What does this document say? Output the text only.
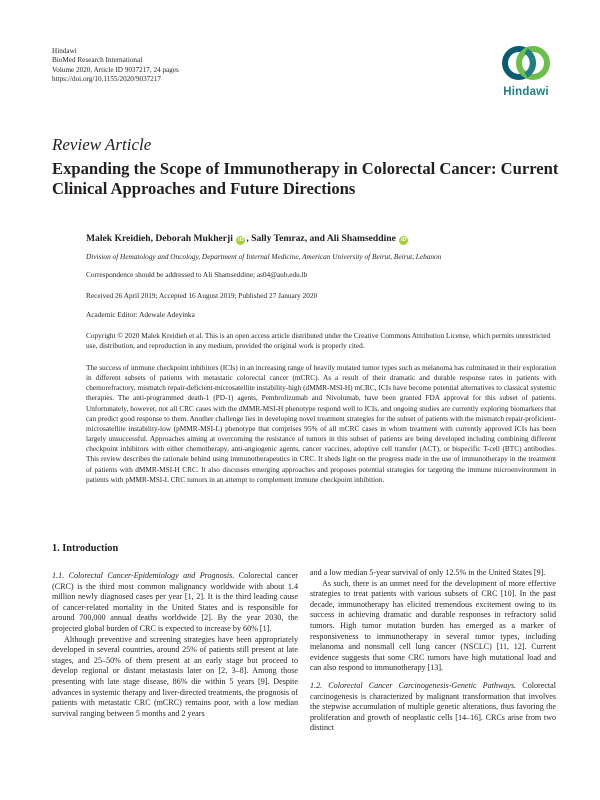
Hindawi
BioMed Research International
Volume 2020, Article ID 9037217, 24 pages
https://doi.org/10.1155/2020/9037217
Hindawi
Review Article
Expanding the Scope of Immunotherapy in Colorectal Cancer: Current Clinical Approaches and Future Directions
Malek Kreidieh, Deborah Mukherji iD , Sally Temraz, and Ali Shamseddine iD
Division of Hematology and Oncology, Department of Internal Medicine, American University of Beirut, Beirut, Lebanon
Correspondence should be addressed to Ali Shamseddine; as04@aub.edu.lb
Received 26 April 2019; Accepted 16 August 2019; Published 27 January 2020
Academic Editor: Adewale Adeyinka
Copyright © 2020 Malek Kreidieh et al. This is an open access article distributed under the Creative Commons Attribution License, which permits unrestricted use, distribution, and reproduction in any medium, provided the original work is properly cited.
The success of immune checkpoint inhibitors (ICIs) in an increasing range of heavily mutated tumor types such as melanoma has culminated in their exploration in different subsets of patients with metastatic colorectal cancer (mCRC). As a result of their dramatic and durable response rates in patients with chemorefractory, mismatch repair-deficient-microsatellite instability-high (dMMR-MSI-H) mCRC, ICIs have become potential alternatives to classical systemic therapies. The anti-programmed death-1 (PD-1) agents, Pembrolizumab and Nivolumab, have been granted FDA approval for this subset of patients. Unfortunately, however, not all CRC cases with the dMMR-MSI-H phenotype respond well to ICIs, and ongoing studies are currently exploring biomarkers that can predict good response to them. Another challenge lies in developing novel treatment strategies for the subset of patients with the mismatch repair-proficient-microsatellite instability-low (pMMR-MSI-L) phenotype that comprises 95% of all mCRC cases in whom treatment with currently approved ICIs has been largely unsuccessful. Approaches aiming at overcoming the resistance of tumors in this subset of patients are being developed including combining different checkpoint inhibitors with either chemotherapy, anti-angiogenic agents, cancer vaccines, adoptive cell transfer (ACT), or bispecific T-cell (BTC) antibodies. This review describes the rationale behind using immunotherapeutics in CRC. It sheds light on the progress made in the use of immunotherapy in the treatment of patients with dMMR-MSI-H CRC. It also discusses emerging approaches and proposes potential strategies for targeting the immune microenvironment in patients with pMMR-MSI-L CRC tumors in an attempt to complement immune checkpoint inhibition.
1. Introduction

1.1. Colorectal Cancer-Epidemiology and Prognosis. Colorectal cancer (CRC) is the third most common malignancy worldwide with about 1.4 million newly diagnosed cases per year [1, 2]. It is the third leading cause of cancer-related mortality in the United States and is responsible for around 700,000 annual deaths worldwide [2]. By the year 2030, the projected global burden of CRC is expected to increase by 60% [1].

Although preventive and screening strategies have been appropriately developed in several countries, around 25% of patients still present at late stages, and 25–50% of them present at an early stage but proceed to develop regional or distant metastasis later on [2, 3–8]. Among those presenting with late stage disease, 86% die within 5 years [9]. Despite advances in systemic therapy and liver-directed treatments, the prognosis of patients with metastatic CRC (mCRC) remains poor, with a low median survival ranging between 5 months and 2 years

and a low median 5-year survival of only 12.5% in the United States [9].

As such, there is an unmet need for the development of more effective strategies to treat patients with various subsets of CRC [10]. In the past decade, immunotherapy has elicited tremendous excitement owing to its success in achieving dramatic and durable responses in refractory solid tumors. High tumor mutation burden has emerged as a marker of responsiveness to immunotherapy in several tumor types, including melanoma and nonsmall cell lung cancer (NSCLC) [11, 12]. Current evidence suggests that some CRC tumors have high mutational load and can also respond to immunotherapy [13].

1.2. Colorectal Cancer Carcinogenesis-Genetic Pathways. Colorectal carcinogenesis is characterized by malignant transformation that involves the stepwise accumulation of multiple genetic alterations, thus favoring the proliferation and growth of neoplastic cells [14–16]. CRCs arise from two distinct
